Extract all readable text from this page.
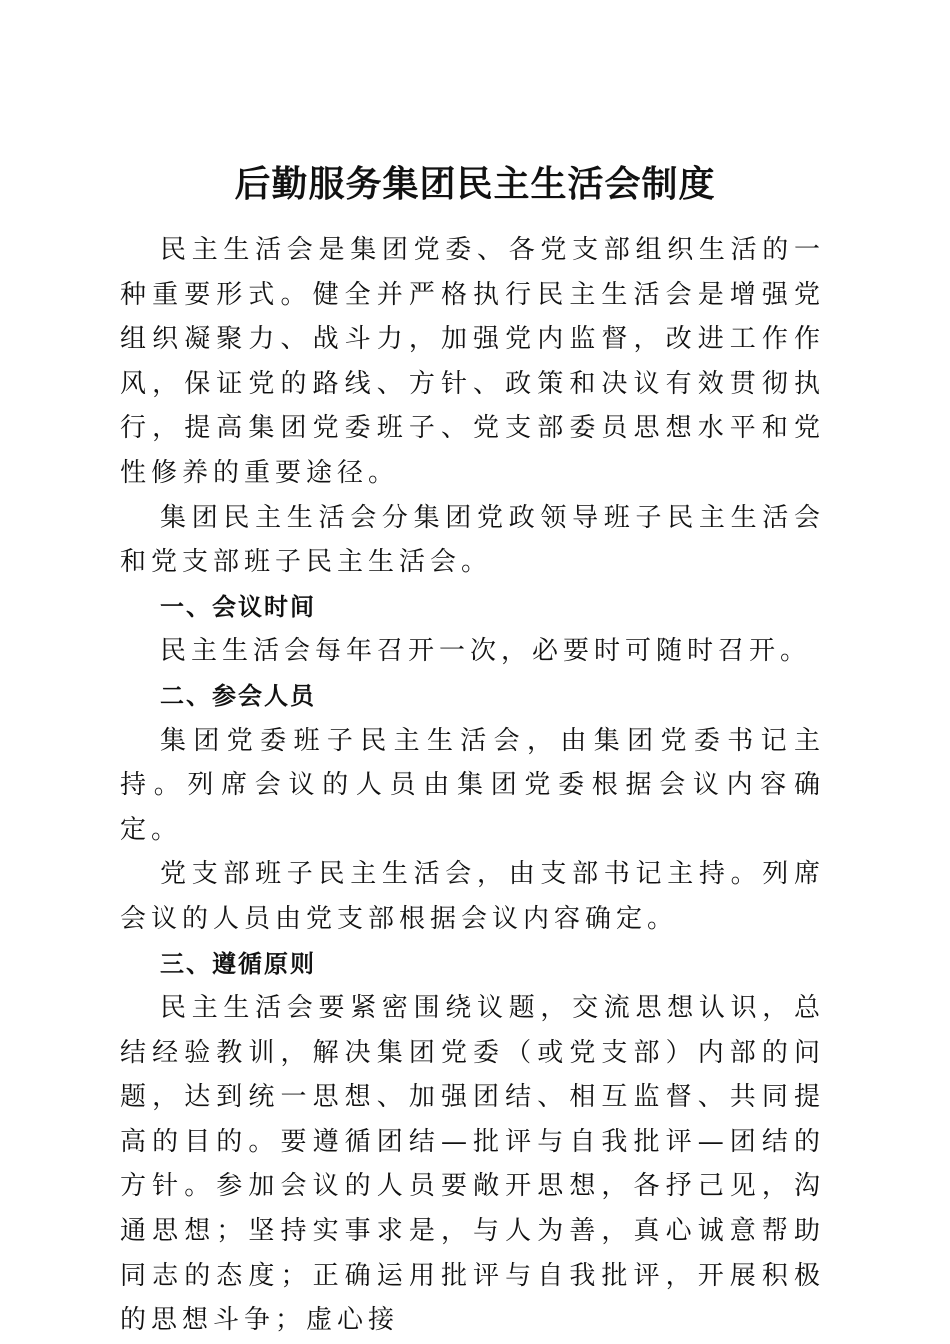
后勤服务集团民主生活会制度

民主生活会是集团党委、各党支部组织生活的一种重要形式。健全并严格执行民主生活会是增强党组织凝聚力、战斗力，加强党内监督，改进工作作风，保证党的路线、方针、政策和决议有效贯彻执行，提高集团党委班子、党支部委员思想水平和党性修养的重要途径。

集团民主生活会分集团党政领导班子民主生活会和党支部班子民主生活会。

一、会议时间

民主生活会每年召开一次，必要时可随时召开。

二、参会人员

集团党委班子民主生活会，由集团党委书记主持。列席会议的人员由集团党委根据会议内容确定。

党支部班子民主生活会，由支部书记主持。列席会议的人员由党支部根据会议内容确定。

三、遵循原则

民主生活会要紧密围绕议题，交流思想认识，总结经验教训，解决集团党委（或党支部）内部的问题，达到统一思想、加强团结、相互监督、共同提高的目的。要遵循团结—批评与自我批评—团结的方针。参加会议的人员要敞开思想，各抒己见，沟通思想；坚持实事求是，与人为善，真心诚意帮助同志的态度；正确运用批评与自我批评，开展积极的思想斗争；虚心接
